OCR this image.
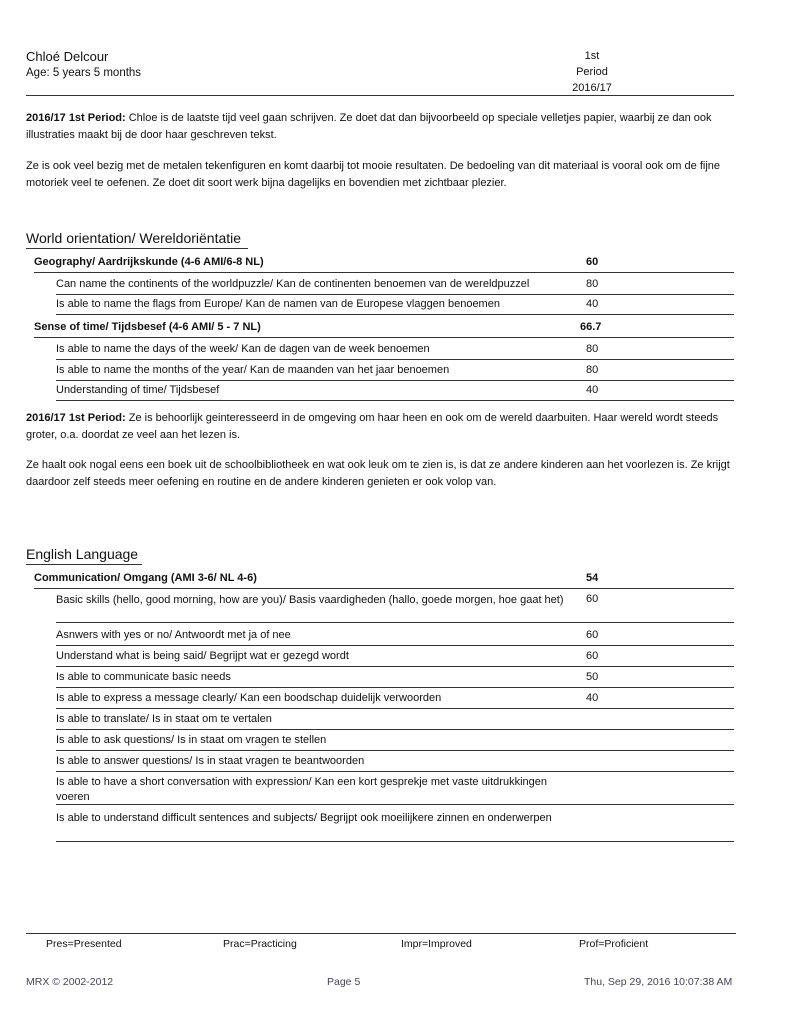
Chloé Delcour
Age: 5 years 5 months
1st
Period
2016/17
2016/17 1st Period: Chloe is de laatste tijd veel gaan schrijven. Ze doet dat dan bijvoorbeeld op speciale velletjes papier, waarbij ze dan ook illustraties maakt bij de door haar geschreven tekst.
Ze is ook veel bezig met de metalen tekenfiguren en komt daarbij tot mooie resultaten. De bedoeling van dit materiaal is vooral ook om de fijne motoriek veel te oefenen. Ze doet dit soort werk bijna dagelijks en bovendien met zichtbaar plezier.
World orientation/ Wereldoriëntatie
Geography/ Aardrijkskunde (4-6 AMI/6-8 NL)	60
Can name the continents of the worldpuzzle/ Kan de continenten benoemen van de wereldpuzzel	80
Is able to name the flags from Europe/ Kan de namen van de Europese vlaggen benoemen	40
Sense of time/ Tijdsbesef (4-6 AMI/ 5 - 7 NL)	66.7
Is able to name the days of the week/ Kan de dagen van de week benoemen	80
Is able to name the months of the year/ Kan de maanden van het jaar benoemen	80
Understanding of time/ Tijdsbesef	40
2016/17 1st Period: Ze is behoorlijk geinteresseerd in de omgeving om haar heen en ook om de wereld daarbuiten. Haar wereld wordt steeds groter, o.a. doordat ze veel aan het lezen is.
Ze haalt ook nogal eens een boek uit de schoolbibliotheek en wat ook leuk om te zien is, is dat ze andere kinderen aan het voorlezen is. Ze krijgt daardoor zelf steeds meer oefening en routine en de andere kinderen genieten er ook volop van.
English Language
Communication/ Omgang (AMI 3-6/ NL 4-6)	54
Basic skills (hello, good morning, how are you)/ Basis vaardigheden (hallo, goede morgen, hoe gaat het) 60
Asnwers with yes or no/ Antwoordt met ja of nee	60
Understand what is being said/ Begrijpt wat er gezegd wordt	60
Is able to communicate basic needs	50
Is able to express a message clearly/ Kan een boodschap duidelijk verwoorden	40
Is able to translate/ Is in staat om te vertalen
Is able to ask questions/ Is in staat om vragen te stellen
Is able to answer questions/ Is in staat vragen te beantwoorden
Is able to have a short conversation with expression/ Kan een kort gesprekje met vaste uitdrukkingen voeren
Is able to understand difficult sentences and subjects/ Begrijpt ook moeilijkere zinnen en onderwerpen
Pres=Presented	Prac=Practicing	Impr=Improved	Prof=Proficient
MRX © 2002-2012	Page 5	Thu, Sep 29, 2016 10:07:38 AM
